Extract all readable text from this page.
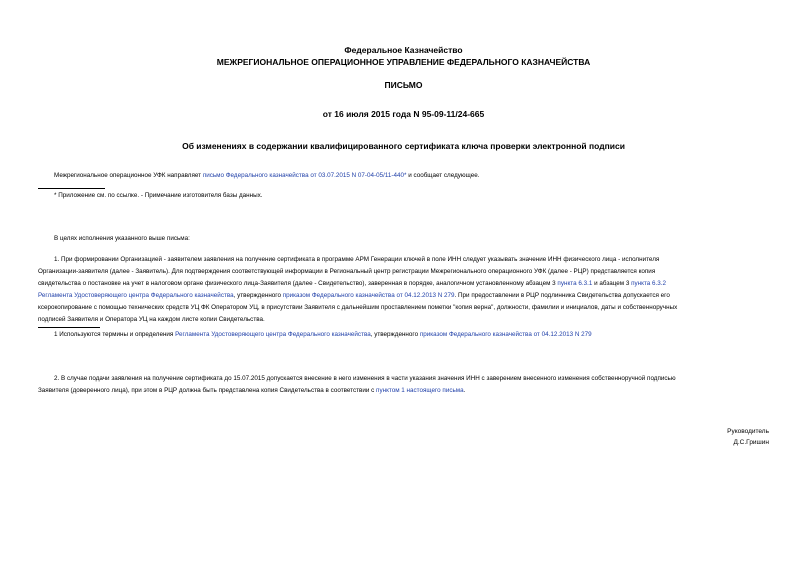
Федеральное Казначейство
МЕЖРЕГИОНАЛЬНОЕ ОПЕРАЦИОННОЕ УПРАВЛЕНИЕ ФЕДЕРАЛЬНОГО КАЗНАЧЕЙСТВА
ПИСЬМО
от 16 июля 2015 года N 95-09-11/24-665
Об изменениях в содержании квалифицированного сертификата ключа проверки электронной подписи
Межрегиональное операционное УФК направляет письмо Федерального казначейства от 03.07.2015 N 07-04-05/11-440* и сообщает следующее.
* Приложение см. по ссылке. - Примечание изготовителя базы данных.
В целях исполнения указанного выше письма:
1. При формировании Организацией - заявителем заявления на получение сертификата в программе АРМ Генерации ключей в поле ИНН следует указывать значение ИНН физического лица - исполнителя
Организации-заявителя (далее - Заявитель). Для подтверждения соответствующей информации в Региональный центр регистрации Межрегионального операционного УФК (далее - РЦР) представляется копия
свидетельства о постановке на учет в налоговом органе физического лица-Заявителя (далее - Свидетельство), заверенная в порядке, аналогичном установленному абзацем 3 пункта 6.3.1 и абзацем 3 пункта 6.3.2
Регламента Удостоверяющего центра Федерального казначейства, утвержденного приказом Федерального казначейства от 04.12.2013 N 279. При предоставлении в РЦР подлинника Свидетельства допускается его
ксерокопирование с помощью технических средств УЦ ФК Оператором УЦ, в присутствии Заявителя с дальнейшим проставлением пометки "копия верна", должности, фамилии и инициалов, даты и собственноручных
подписей Заявителя и Оператора УЦ на каждом листе копии Свидетельства.
1 Используются термины и определения Регламента Удостоверяющего центра Федерального казначейства, утвержденного приказом Федерального казначейства от 04.12.2013 N 279
2. В случае подачи заявления на получение сертификата до 15.07.2015 допускается внесение в него изменения в части указания значения ИНН с заверением внесенного изменения собственноручной подписью
Заявителя (доверенного лица), при этом в РЦР должна быть представлена копия Свидетельства в соответствии с пунктом 1 настоящего письма.
Руководитель
Д.С.Гришин
